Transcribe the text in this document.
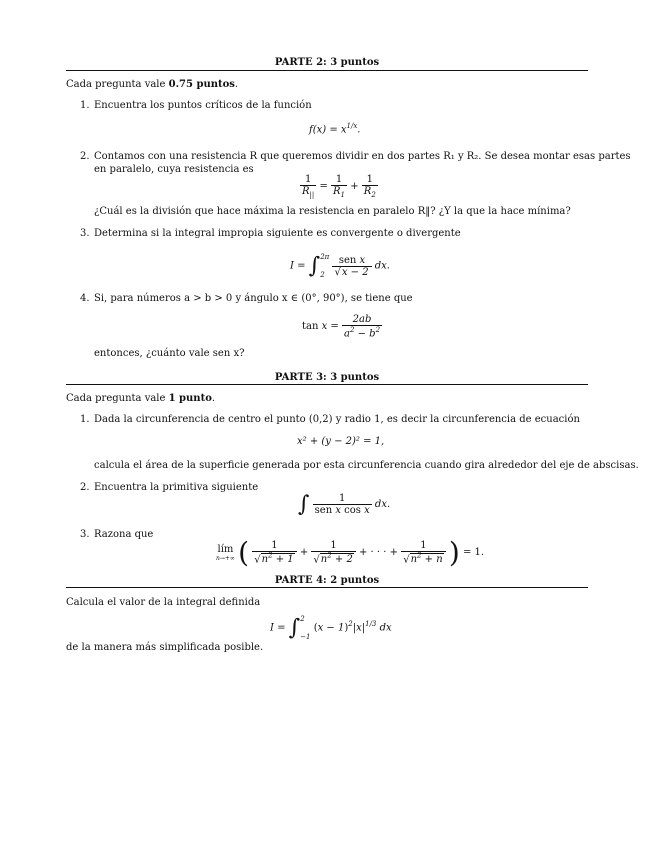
PARTE 2: 3 puntos
Cada pregunta vale 0.75 puntos.
1. Encuentra los puntos críticos de la función
$f(x) = x^{1/x}$.
2. Contamos con una resistencia R que queremos dividir en dos partes R₁ y R₂. Se desea montar esas partes
en paralelo, cuya resistencia es
$\frac{1}{R_{||}} = \frac{1}{R_1} + \frac{1}{R_2}$
¿Cuál es la división que hace máxima la resistencia en paralelo R‖? ¿Y la que la hace mínima?
3. Determina si la integral impropia siguiente es convergente o divergente
I = ∫ 2π
2
$\frac{\text{sen x}}{√x - 2}$ dx.
4. Si, para números a > b > 0 y ángulo x ∈ (0°, 90°), se tiene que
$\tan x = \frac{2ab}{a^2 - b^2}$
entonces, ¿cuánto vale sen x?
PARTE 3: 3 puntos
Cada pregunta vale 1 punto.
1. Dada la circunferencia de centro el punto (0,2) y radio 1, es decir la circunferencia de ecuación
x² + (y − 2)² = 1,
calcula el área de la superficie generada por esta circunferencia cuando gira alrededor del eje de abscisas.
2. Encuentra la primitiva siguiente
∫ $\frac{1}{\text{sen x cos x}}$ dx.
3. Razona que
lím
n→+∞ ( $\frac{1}{√n^2 + 1} + \frac{1}{√n^2 + 2}$ + · · · + $\frac{1}{√n^2 + n}$ ) = 1.
PARTE 4: 2 puntos
Calcula el valor de la integral definida
I = ∫ 2
−1
$(x - 1)^2|x|^{1/3}$ dx
de la manera más simplificada posible.
